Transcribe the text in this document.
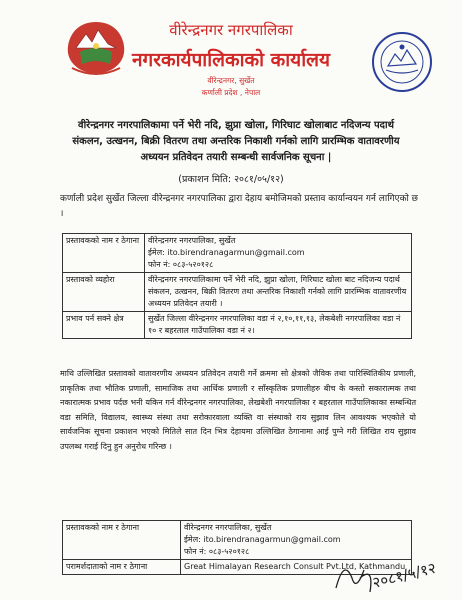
वीरेन्द्रनगर नगरपालिका
नगरकार्यपालिकाको कार्यालय
वीरेन्द्रनगर, सुर्खेत
कर्णाली प्रदेश , नेपाल
वीरेन्द्रनगर नगरपालिकामा पर्ने भेरी नदि, झुप्रा खोला, गिरिघाट खोलाबाट नदिजन्य पदार्थ संकलन, उत्खनन, बिक्री वितरण तथा अन्तरिक निकाशी गर्नको लागि प्रारम्भिक वातावरणीय अध्ययन प्रतिवेदन तयारी सम्बन्धी सार्वजनिक सूचना |
(प्रकाशन मिति: २०८१/०५/१२)
कर्णाली प्रदेश सुर्खेत जिल्ला वीरेन्द्रनगर नगरपालिका द्वारा देहाय बमोजिमको प्रस्ताव कार्यान्वयन गर्न लागिएको छ ।
प्रस्तावकको नाम र ठेगाना	वीरेन्द्रनगर नगरपालिका, सुर्खेत
ईमेल: ito.birendranagarmun@gmail.com
फोन नं: ०८३-५२०१२८

प्रस्तावको व्यहोरा	वीरेन्द्रनगर नगरपालिकामा पर्ने भेरी नदि, झुप्रा खोला, गिरिघाट खोला बाट नदिजन्य पदार्थ संकलन, उत्खनन, बिक्री वितरण तथा अन्तरिक निकाशी गर्नको लागि प्रारम्भिक वातावरणीय अध्ययन प्रतिवेदन तयारी ।
प्रभाव पर्न सक्ने क्षेत्र	सुर्खेत जिल्ला वीरेन्द्रनगर नगरपालिका वडा नं २,१०,११,१३, लेकबेशी नगरपालिका वडा नं १० र बहरताल गाउँपालिका वडा नं २।
माथि उल्लिखित प्रस्तावको वातावरणीय अध्ययन प्रतिवेदन तयारी गर्ने क्रममा सो क्षेत्रको जैविक तथा पारिस्थितिकीय प्रणाली, प्राकृतिक तथा भौतिक प्रणाली, सामाजिक तथा आर्थिक प्रणाली र साँस्कृतिक प्रणालीहरु बीच के कस्तो सकारात्मक तथा नकारात्मक प्रभाव पर्दछ भनी यकिन गर्न वीरेन्द्रनगर नगरपालिका, लेखबेशी नगरपालिका र बहरताल गाउँपालिकाका सम्बन्धित वडा समिति, विद्यालय, स्वास्थ्य संस्था तथा सरोकारवाला व्यक्ति वा संस्थाको राय सुझाव लिन आवश्यक भएकोले यो सार्वजनिक सूचना प्रकाशन भएको मितिले सात दिन भित्र देहायमा उल्लिखित ठेगानामा आई पुग्ने गरी लिखित राय सुझाव उपलब्ध गराई दिनु हुन अनुरोध गरिन्छ ।
प्रस्तावकको नाम र ठेगाना	वीरेन्द्रनगर नगरपालिका, सुर्खेत
ईमेल: ito.birendranagarmun@gmail.com
फोन नं: ०८३-५२०१२८

परामर्शदाताको नाम र ठेगाना	Great Himalayan Research Consult Pvt.Ltd, Kathmandu
२०८१/५/१२
